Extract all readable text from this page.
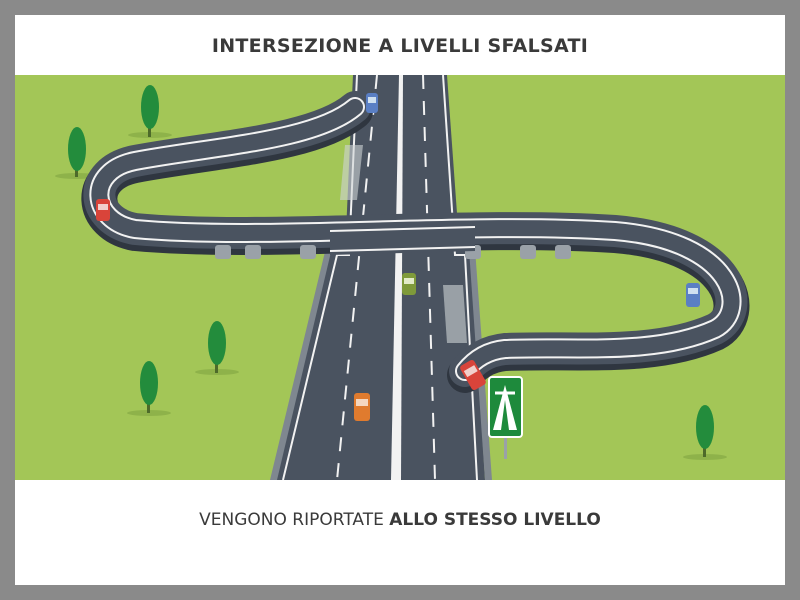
INTERSEZIONE A LIVELLI SFALSATI
VENGONO RIPORTATE ALLO STESSO LIVELLO
